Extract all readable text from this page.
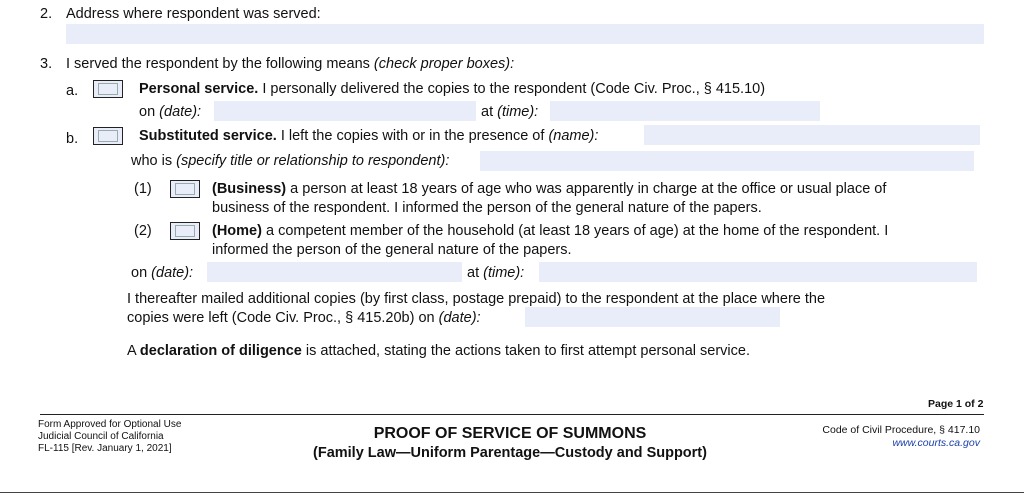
2. Address where respondent was served:
3. I served the respondent by the following means (check proper boxes):
a.	Personal service. I personally delivered the copies to the respondent (Code Civ. Proc., § 415.10)
on (date):	at (time):
b.	Substituted service. I left the copies with or in the presence of (name):
who is (specify title or relationship to respondent):
(1)	(Business) a person at least 18 years of age who was apparently in charge at the office or usual place of
business of the respondent. I informed the person of the general nature of the papers.
(2)	(Home) a competent member of the household (at least 18 years of age) at the home of the respondent. I
informed the person of the general nature of the papers.
on (date):	at (time):
I thereafter mailed additional copies (by first class, postage prepaid) to the respondent at the place where the
copies were left (Code Civ. Proc., § 415.20b) on (date):
A declaration of diligence is attached, stating the actions taken to first attempt personal service.
Page 1 of 2
Form Approved for Optional Use
Judicial Council of California
FL-115 [Rev. January 1, 2021]
PROOF OF SERVICE OF SUMMONS
(Family Law—Uniform Parentage—Custody and Support)
Code of Civil Procedure, § 417.10
www.courts.ca.gov
